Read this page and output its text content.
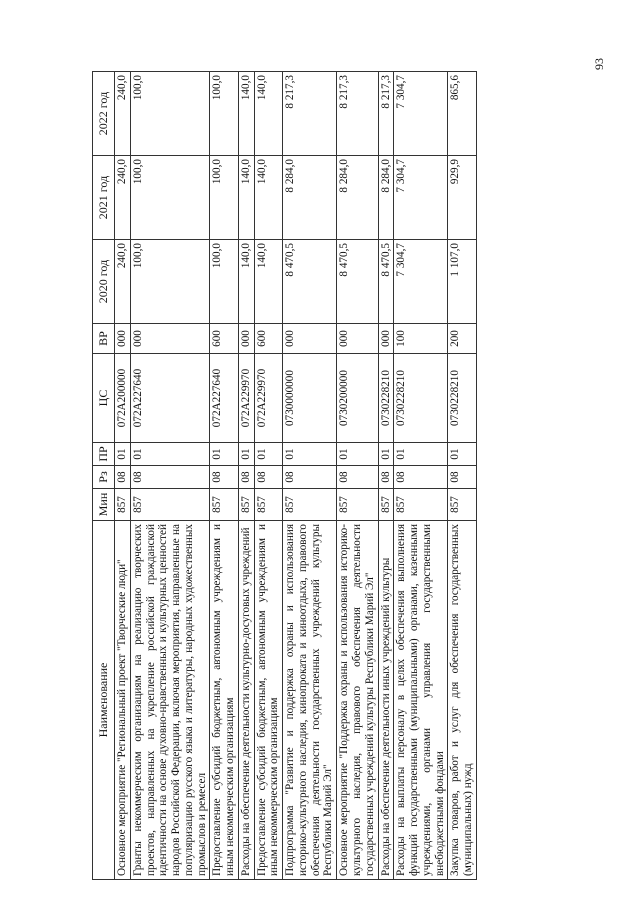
93
Наименование	Мин	Рз	ПР	ЦС	ВР	2020 год	2021 год	2022 год
Основное мероприятие "Региональный проект "Творческие люди"	857	08	01	072A200000	000	240,0	240,0	240,0
Гранты некоммерческим организациям на реализацию творческих проектов, направленных на укрепление российской гражданской идентичности на основе духовно-нравственных и культурных ценностей народов Российской Федерации, включая мероприятия, направленные на популяризацию русского языка и литературы, народных художественных промыслов и ремесел	857	08	01	072A227640	000	100,0	100,0	100,0
Предоставление субсидий бюджетным, автономным учреждениям и иным некоммерческим организациям	857	08	01	072A227640	600	100,0	100,0	100,0
Расходы на обеспечение деятельности культурно-досуговых учреждений	857	08	01	072A229970	000	140,0	140,0	140,0
Предоставление субсидий бюджетным, автономным учреждениям и иным некоммерческим организациям	857	08	01	072A229970	600	140,0	140,0	140,0
Подпрограмма "Развитие и поддержка охраны и использования историко-культурного наследия, кинопроката и киноотдыха, правового обеспечения деятельности государственных учреждений культуры Республики Марий Эл"	857	08	01	0730000000	000	8 470,5	8 284,0	8 217,3
Основное мероприятие "Поддержка охраны и использования историко-культурного наследия, правового обеспечения деятельности государственных учреждений культуры Республики Марий Эл"	857	08	01	0730200000	000	8 470,5	8 284,0	8 217,3
Расходы на обеспечение деятельности иных учреждений культуры	857	08	01	0730228210	000	8 470,5	8 284,0	8 217,3
Расходы на выплаты персоналу в целях обеспечения выполнения функций государственными (муниципальными) органами, казенными учреждениями, органами управления государственными внебюджетными фондами	857	08	01	0730228210	100	7 304,7	7 304,7	7 304,7
Закупка товаров, работ и услуг для обеспечения государственных (муниципальных) нужд	857	08	01	0730228210	200	1 107,0	929,9	865,6
